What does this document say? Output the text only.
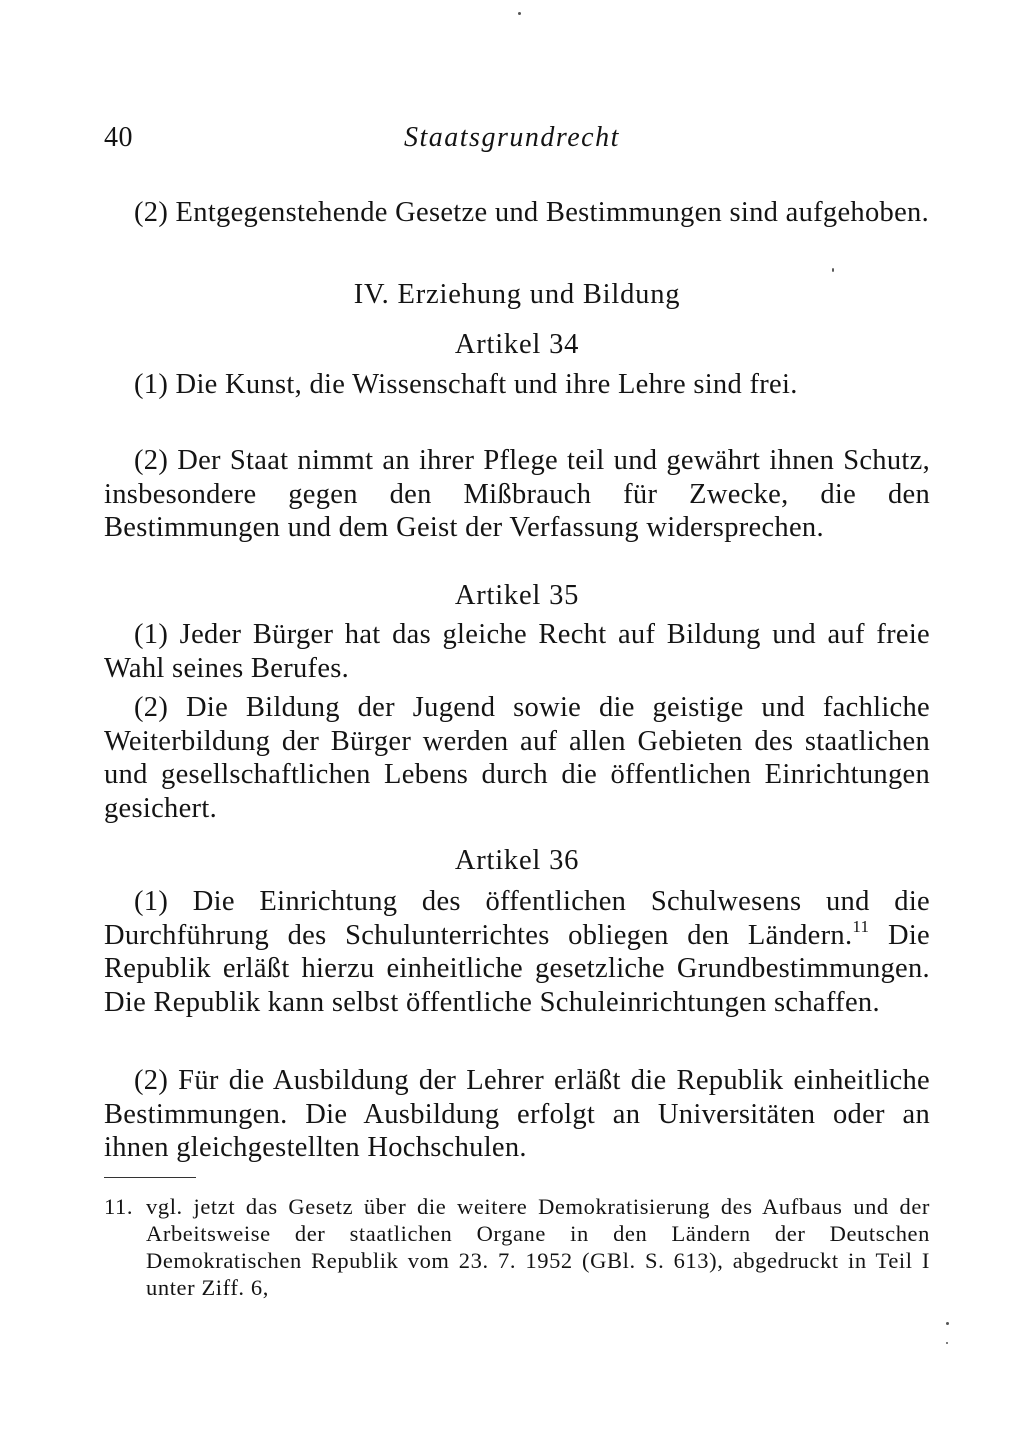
40	Staatsgrundrecht

(2) Entgegenstehende Gesetze und Bestimmungen sind aufgehoben.

IV. Erziehung und Bildung
Artikel 34

(1) Die Kunst, die Wissenschaft und ihre Lehre sind frei.

(2) Der Staat nimmt an ihrer Pflege teil und gewährt ihnen Schutz, insbesondere gegen den Mißbrauch für Zwecke, die den Bestimmungen und dem Geist der Verfassung widersprechen.

Artikel 35

(1) Jeder Bürger hat das gleiche Recht auf Bildung und auf freie Wahl seines Berufes.

(2) Die Bildung der Jugend sowie die geistige und fachliche Weiterbildung der Bürger werden auf allen Gebieten des staatlichen und gesellschaftlichen Lebens durch die öffentlichen Einrichtungen gesichert.

Artikel 36

(1) Die Einrichtung des öffentlichen Schulwesens und die Durchführung des Schulunterrichtes obliegen den Ländern.$^{11}$ Die Republik erläßt hierzu einheitliche gesetzliche Grundbestimmungen. Die Republik kann selbst öffentliche Schuleinrichtungen schaffen.

(2) Für die Ausbildung der Lehrer erläßt die Republik einheitliche Bestimmungen. Die Ausbildung erfolgt an Universitäten oder an ihnen gleichgestellten Hochschulen.

11. vgl. jetzt das Gesetz über die weitere Demokratisierung des Aufbaus und der Arbeitsweise der staatlichen Organe in den Ländern der Deutschen Demokratischen Republik vom 23. 7. 1952 (GBl. S. 613), abgedruckt in Teil I unter Ziff. 6,
